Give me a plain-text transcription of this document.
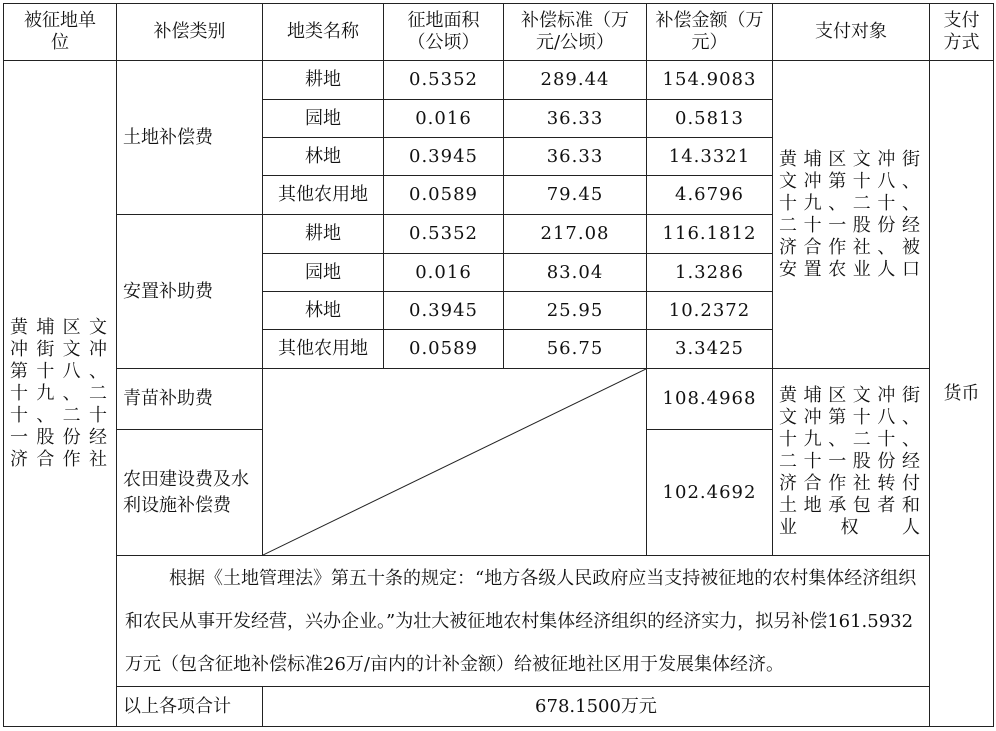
被征地单　位	补偿类别	地类名称	征地面积（公顷）	补偿标准（万元/公顷）	补偿金额（万元）	支付对象	支付方式
黄埔区文冲街文冲第十八、十九、二十、二十一股份经济合作社	土地补偿费	耕地	0.5352	289.44	154.9083	黄埔区文冲街文冲第十八、十九、二十、二十一股份经济合作社、被安置农业人口	货币
		园地	0.016	36.33	0.5813		
		林地	0.3945	36.33	14.3321		
		其他农用地	0.0589	79.45	4.6796		
	安置补助费	耕地	0.5352	217.08	116.1812		
		园地	0.016	83.04	1.3286		
		林地	0.3945	25.95	10.2372		
		其他农用地	0.0589	56.75	3.3425		
	青苗补助费				108.4968	黄埔区文冲街文冲第十八、十九、二十、二十一股份经济合作社转付土地承包者和业权人	
	农田建设费及水利设施补偿费				102.4692		
	根据《土地管理法》第五十条的规定：“地方各级人民政府应当支持被征地的农村集体经济组织和农民从事开发经营，兴办企业。”为壮大被征地农村集体经济组织的经济实力，拟另补偿161.5932万元（包含征地补偿标准26万/亩内的计补金额）给被征地社区用于发展集体经济。						
	以上各项合计	678.1500万元					
